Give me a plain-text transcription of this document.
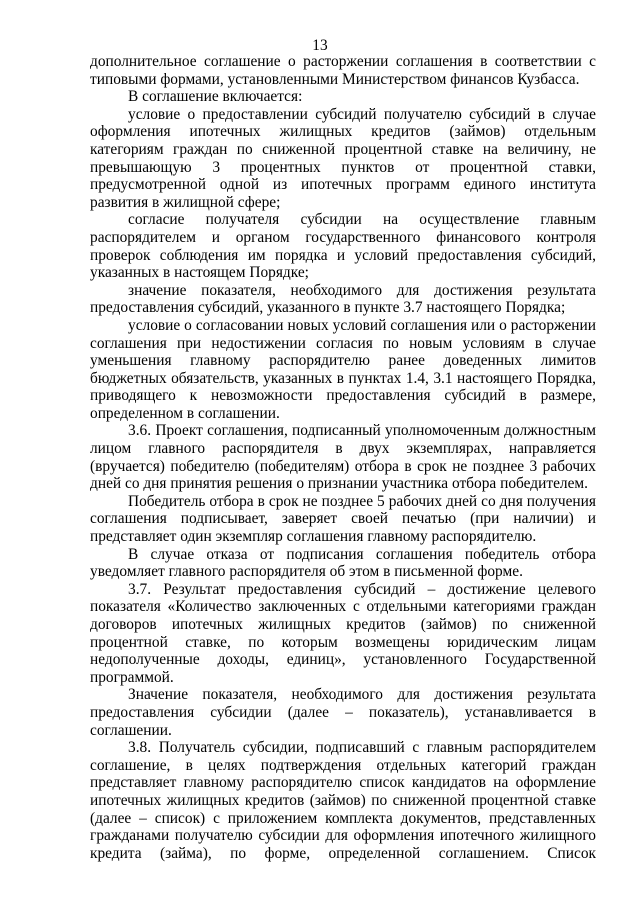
13

дополнительное соглашение о расторжении соглашения в соответствии с типовыми формами, установленными Министерством финансов Кузбасса.

В соглашение включается:

условие о предоставлении субсидий получателю субсидий в случае оформления ипотечных жилищных кредитов (займов) отдельным категориям граждан по сниженной процентной ставке на величину, не превышающую 3 процентных пунктов от процентной ставки, предусмотренной одной из ипотечных программ единого института развития в жилищной сфере;

согласие получателя субсидии на осуществление главным распорядителем и органом государственного финансового контроля проверок соблюдения им порядка и условий предоставления субсидий, указанных в настоящем Порядке;

значение показателя, необходимого для достижения результата предоставления субсидий, указанного в пункте 3.7 настоящего Порядка;

условие о согласовании новых условий соглашения или о расторжении соглашения при недостижении согласия по новым условиям в случае уменьшения главному распорядителю ранее доведенных лимитов бюджетных обязательств, указанных в пунктах 1.4, 3.1 настоящего Порядка, приводящего к невозможности предоставления субсидий в размере, определенном в соглашении.

3.6. Проект соглашения, подписанный уполномоченным должностным лицом главного распорядителя в двух экземплярах, направляется (вручается) победителю (победителям) отбора в срок не позднее 3 рабочих дней со дня принятия решения о признании участника отбора победителем.

Победитель отбора в срок не позднее 5 рабочих дней со дня получения соглашения подписывает, заверяет своей печатью (при наличии) и представляет один экземпляр соглашения главному распорядителю.

В случае отказа от подписания соглашения победитель отбора уведомляет главного распорядителя об этом в письменной форме.

3.7. Результат предоставления субсидий – достижение целевого показателя «Количество заключенных с отдельными категориями граждан договоров ипотечных жилищных кредитов (займов) по сниженной процентной ставке, по которым возмещены юридическим лицам недополученные доходы, единиц», установленного Государственной программой.

Значение показателя, необходимого для достижения результата предоставления субсидии (далее – показатель), устанавливается в соглашении.

3.8. Получатель субсидии, подписавший с главным распорядителем соглашение, в целях подтверждения отдельных категорий граждан представляет главному распорядителю список кандидатов на оформление ипотечных жилищных кредитов (займов) по сниженной процентной ставке (далее – список) с приложением комплекта документов, представленных гражданами получателю субсидии для оформления ипотечного жилищного кредита (займа), по форме, определенной соглашением. Список
